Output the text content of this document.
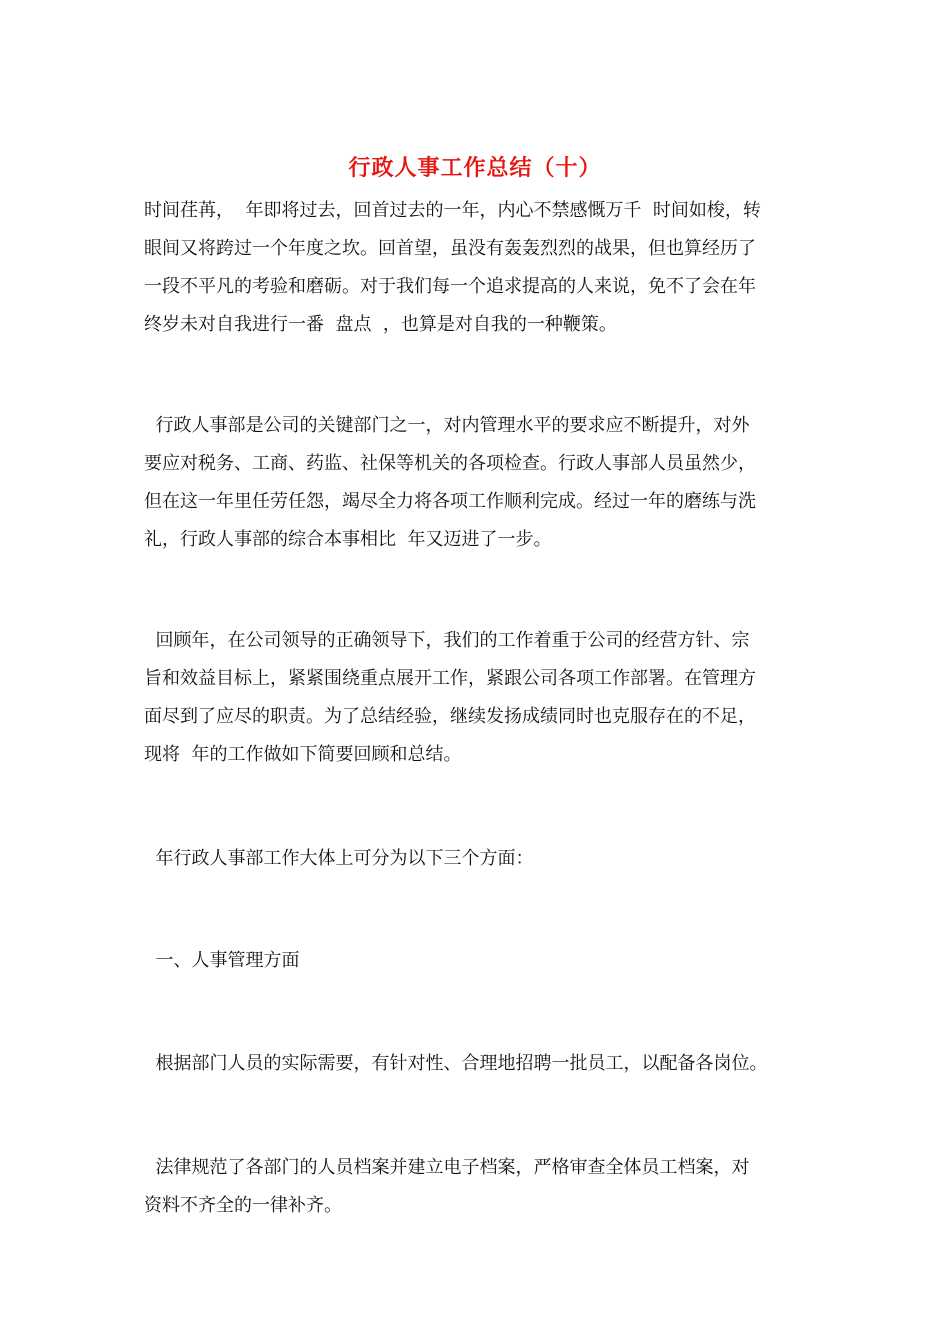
行政人事工作总结（十）
时间荏苒，  年即将过去，回首过去的一年，内心不禁感慨万千  时间如梭，转
眼间又将跨过一个年度之坎。回首望，虽没有轰轰烈烈的战果，但也算经历了
一段不平凡的考验和磨砺。对于我们每一个追求提高的人来说，免不了会在年
终岁未对自我进行一番  盘点  ，也算是对自我的一种鞭策。
行政人事部是公司的关键部门之一，对内管理水平的要求应不断提升，对外
要应对税务、工商、药监、社保等机关的各项检查。行政人事部人员虽然少，
但在这一年里任劳任怨，竭尽全力将各项工作顺利完成。经过一年的磨练与洗
礼，行政人事部的综合本事相比  年又迈进了一步。
回顾年，在公司领导的正确领导下，我们的工作着重于公司的经营方针、宗
旨和效益目标上，紧紧围绕重点展开工作，紧跟公司各项工作部署。在管理方
面尽到了应尽的职责。为了总结经验，继续发扬成绩同时也克服存在的不足，
现将  年的工作做如下简要回顾和总结。
年行政人事部工作大体上可分为以下三个方面：
一、人事管理方面
根据部门人员的实际需要，有针对性、合理地招聘一批员工，以配备各岗位。
法律规范了各部门的人员档案并建立电子档案，严格审查全体员工档案，对
资料不齐全的一律补齐。
